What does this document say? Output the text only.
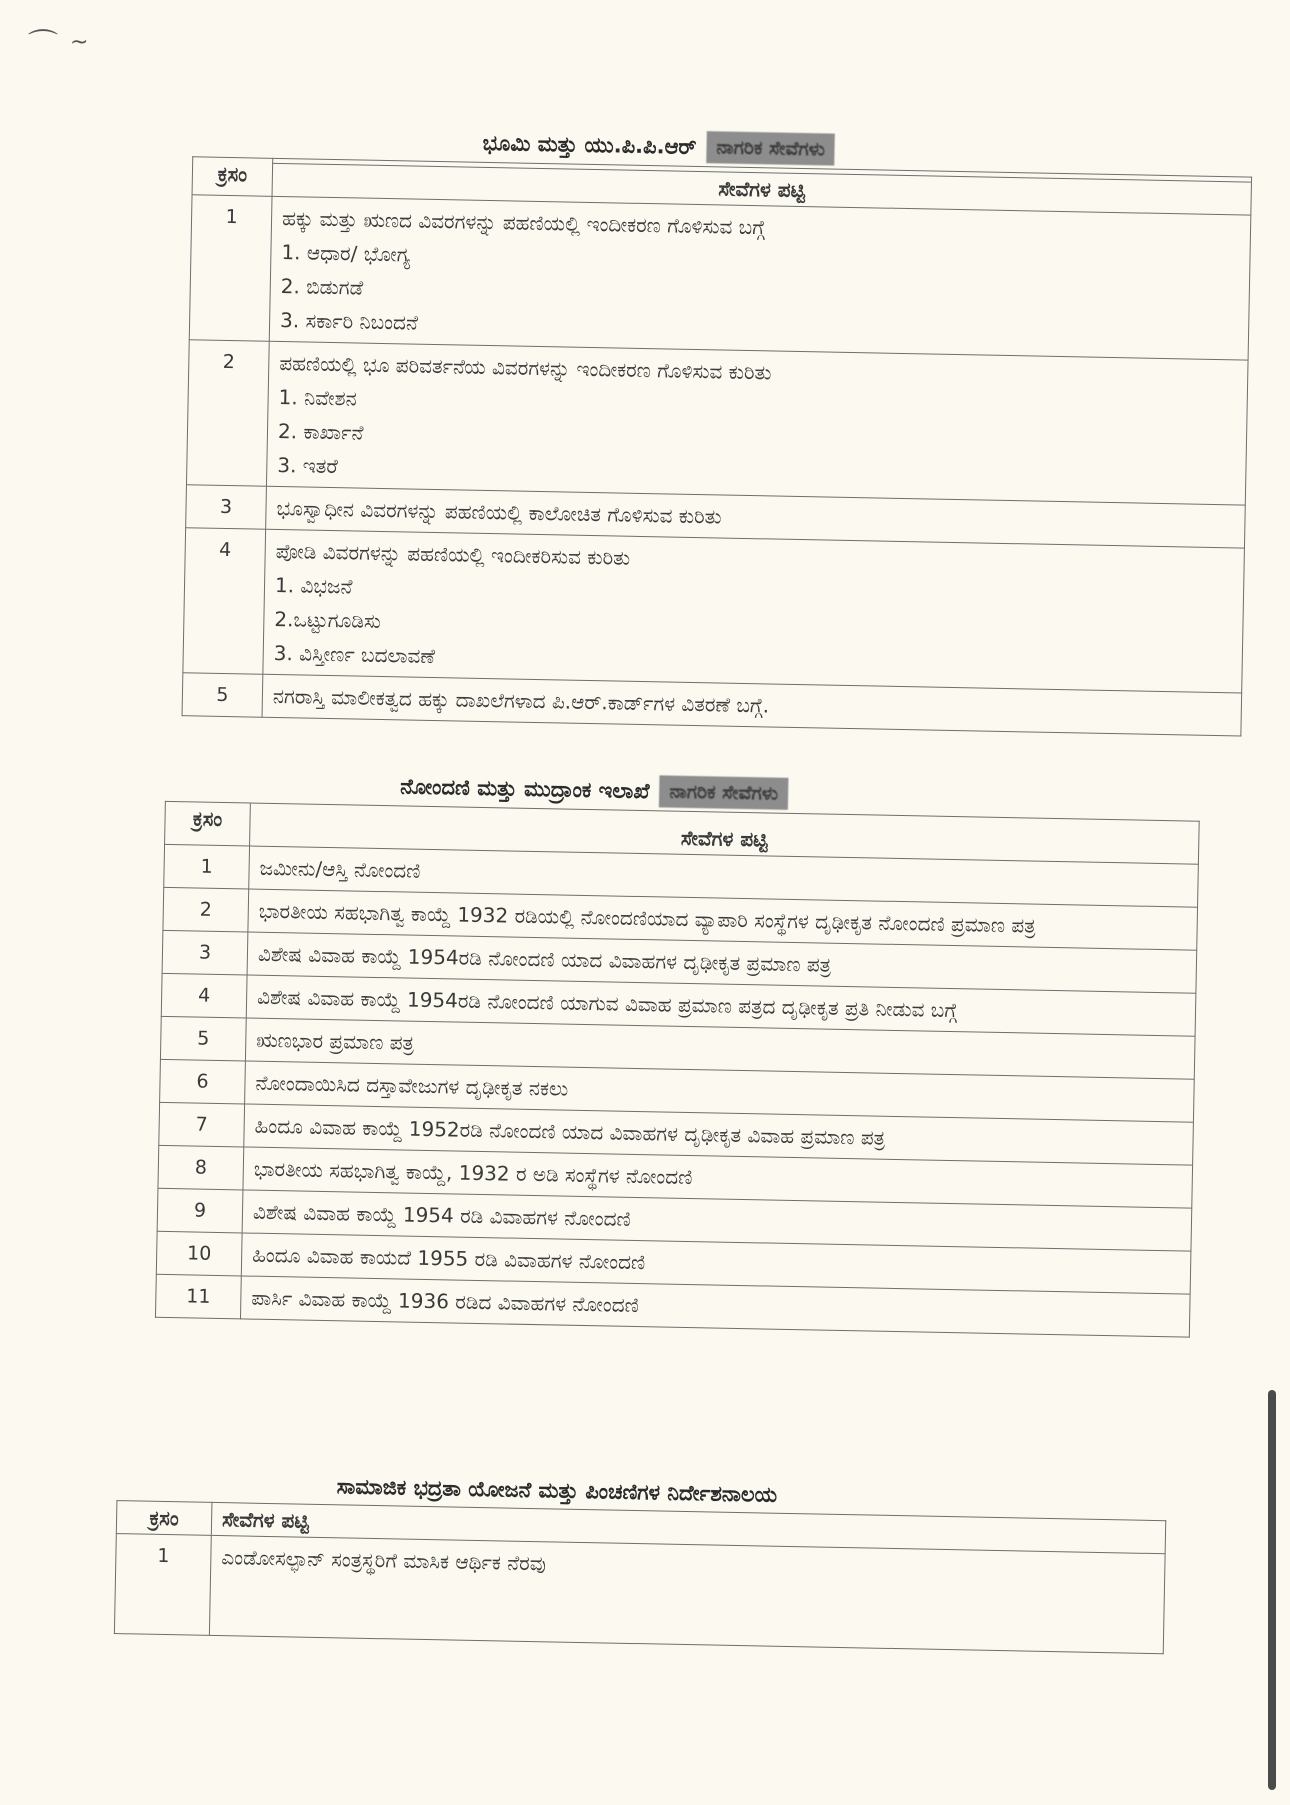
⌒ ~
ಭೂಮಿ ಮತ್ತು ಯು.ಪಿ.ಪಿ.ಆರ್	ನಾಗರಿಕ ಸೇವೆಗಳು
ಕ್ರಸಂ	
	ಸೇವೆಗಳ ಪಟ್ಟಿ
1	ಹಕ್ಕು ಮತ್ತು ಋಣದ ವಿವರಗಳನ್ನು ಪಹಣಿಯಲ್ಲಿ ಇಂದೀಕರಣ ಗೊಳಿಸುವ ಬಗ್ಗೆ
1. ಆಧಾರ/ ಭೋಗ್ಯ
2. ಬಿಡುಗಡೆ
3. ಸರ್ಕಾರಿ ನಿಬಂದನೆ

2	ಪಹಣಿಯಲ್ಲಿ ಭೂ ಪರಿವರ್ತನೆಯ ವಿವರಗಳನ್ನು ಇಂದೀಕರಣ ಗೊಳಿಸುವ ಕುರಿತು
1. ನಿವೇಶನ
2. ಕಾರ್ಖಾನೆ
3. ಇತರೆ

3	ಭೂಸ್ವಾಧೀನ ವಿವರಗಳನ್ನು ಪಹಣಿಯಲ್ಲಿ ಕಾಲೋಚಿತ ಗೊಳಿಸುವ ಕುರಿತು
4	ಪೋಡಿ ವಿವರಗಳನ್ನು ಪಹಣಿಯಲ್ಲಿ ಇಂದೀಕರಿಸುವ ಕುರಿತು
1. ವಿಭಜನೆ
2.ಒಟ್ಟುಗೂಡಿಸು
3. ವಿಸ್ತೀರ್ಣ ಬದಲಾವಣೆ

5	ನಗರಾಸ್ತಿ ಮಾಲೀಕತ್ವದ ಹಕ್ಕು ದಾಖಲೆಗಳಾದ ಪಿ.ಆರ್.ಕಾರ್ಡ್‌ಗಳ ವಿತರಣೆ ಬಗ್ಗೆ.
ನೋಂದಣಿ ಮತ್ತು ಮುದ್ರಾಂಕ ಇಲಾಖೆ	ನಾಗರಿಕ ಸೇವೆಗಳು
ಕ್ರಸಂ	ಸೇವೆಗಳ ಪಟ್ಟಿ
1	ಜಮೀನು/ಆಸ್ತಿ ನೋಂದಣಿ
2	ಭಾರತೀಯ ಸಹಭಾಗಿತ್ವ ಕಾಯ್ದೆ 1932 ರಡಿಯಲ್ಲಿ ನೋಂದಣಿಯಾದ ವ್ಯಾಪಾರಿ ಸಂಸ್ಥೆಗಳ ದೃಢೀಕೃತ ನೋಂದಣಿ ಪ್ರಮಾಣ ಪತ್ರ
3	ವಿಶೇಷ ವಿವಾಹ ಕಾಯ್ದೆ 1954ರಡಿ ನೋಂದಣಿ ಯಾದ ವಿವಾಹಗಳ ದೃಢೀಕೃತ ಪ್ರಮಾಣ ಪತ್ರ
4	ವಿಶೇಷ ವಿವಾಹ ಕಾಯ್ದೆ 1954ರಡಿ ನೋಂದಣಿ ಯಾಗುವ ವಿವಾಹ ಪ್ರಮಾಣ ಪತ್ರದ ದೃಢೀಕೃತ ಪ್ರತಿ ನೀಡುವ ಬಗ್ಗೆ
5	ಋಣಭಾರ ಪ್ರಮಾಣ ಪತ್ರ
6	ನೋಂದಾಯಿಸಿದ ದಸ್ತಾವೇಜುಗಳ ದೃಢೀಕೃತ ನಕಲು
7	ಹಿಂದೂ ವಿವಾಹ ಕಾಯ್ದೆ 1952ರಡಿ ನೋಂದಣಿ ಯಾದ ವಿವಾಹಗಳ ದೃಢೀಕೃತ ವಿವಾಹ ಪ್ರಮಾಣ ಪತ್ರ
8	ಭಾರತೀಯ ಸಹಭಾಗಿತ್ವ ಕಾಯ್ದೆ, 1932 ರ ಅಡಿ ಸಂಸ್ಥೆಗಳ ನೋಂದಣಿ
9	ವಿಶೇಷ ವಿವಾಹ ಕಾಯ್ದೆ 1954 ರಡಿ ವಿವಾಹಗಳ ನೋಂದಣಿ
10	ಹಿಂದೂ ವಿವಾಹ ಕಾಯದೆ 1955 ರಡಿ ವಿವಾಹಗಳ ನೋಂದಣಿ
11	ಪಾರ್ಸಿ ವಿವಾಹ ಕಾಯ್ದೆ 1936 ರಡಿದ ವಿವಾಹಗಳ ನೋಂದಣಿ
ಸಾಮಾಜಿಕ ಭದ್ರತಾ ಯೋಜನೆ ಮತ್ತು ಪಿಂಚಣಿಗಳ ನಿರ್ದೇಶನಾಲಯ
ಕ್ರಸಂ	ಸೇವೆಗಳ ಪಟ್ಟಿ
1	ಎಂಡೋಸಲ್ಫಾನ್ ಸಂತ್ರಸ್ಥರಿಗೆ ಮಾಸಿಕ ಆರ್ಥಿಕ ನೆರವು
